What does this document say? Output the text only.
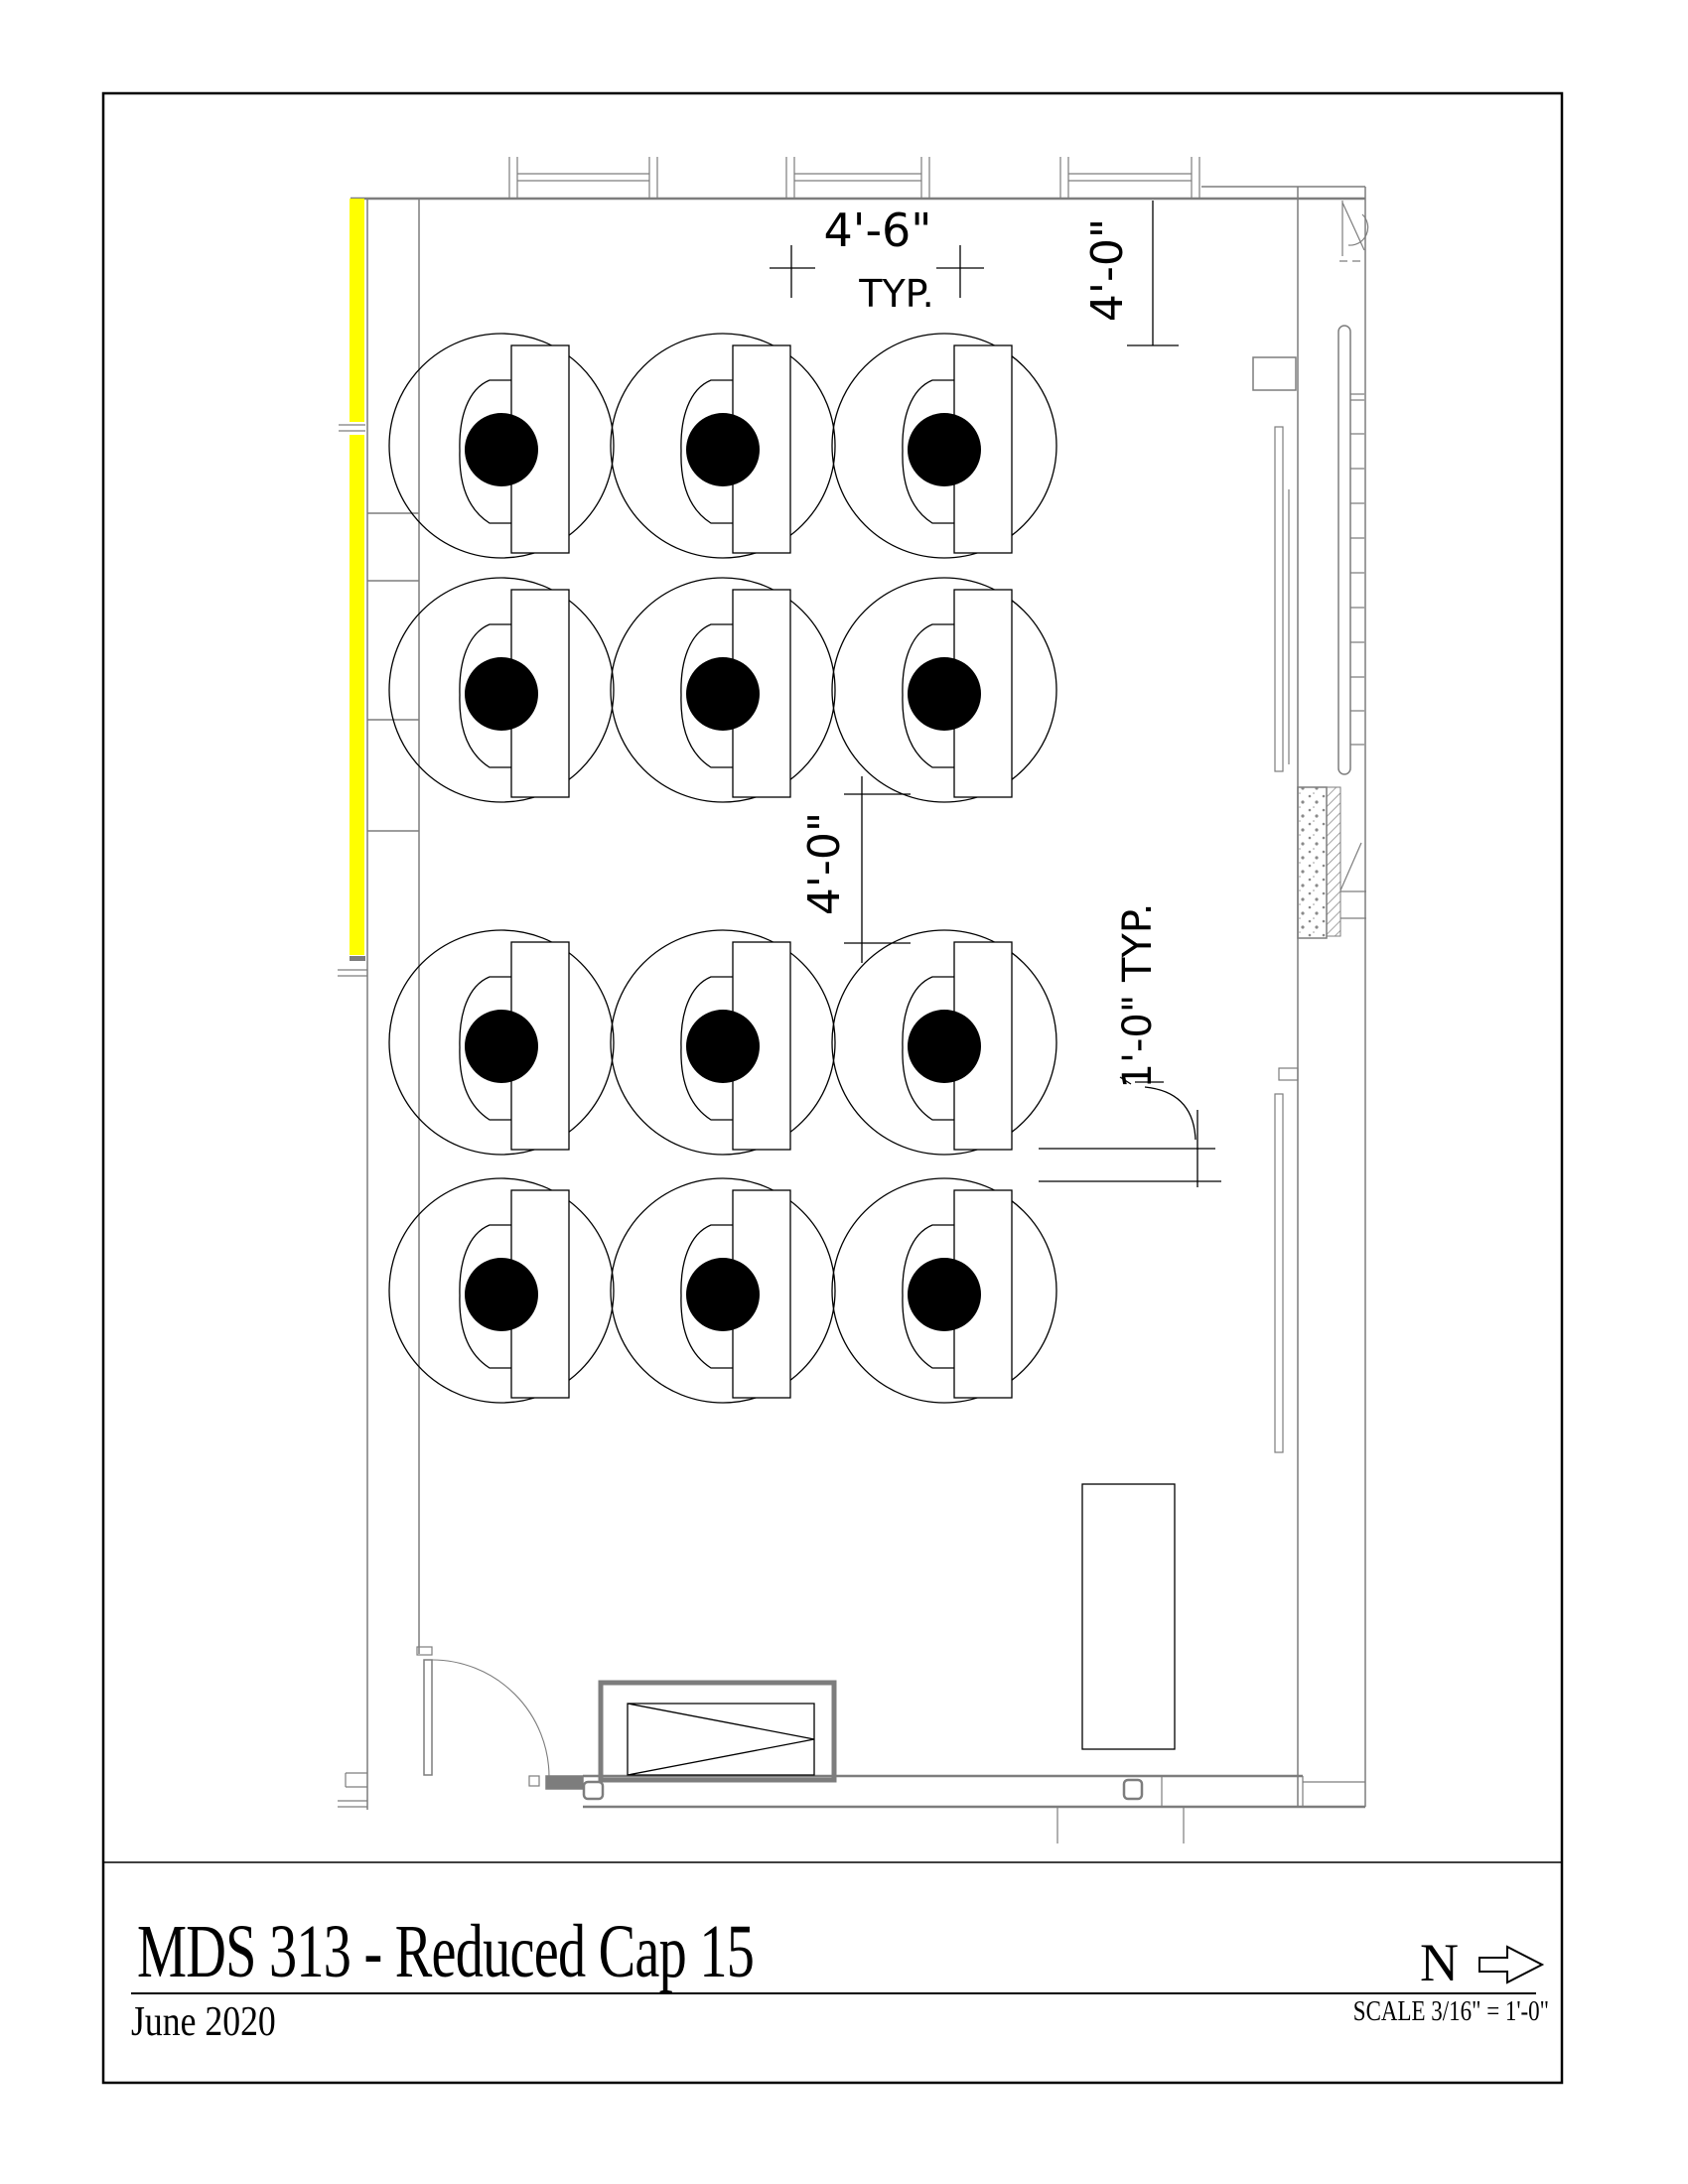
4'-6"
TYP.	4'-0"
4'-0"
1'-0" TYP.
MDS 313 - Reduced Cap 15
June 2020
N
SCALE 3/16" = 1'-0"
